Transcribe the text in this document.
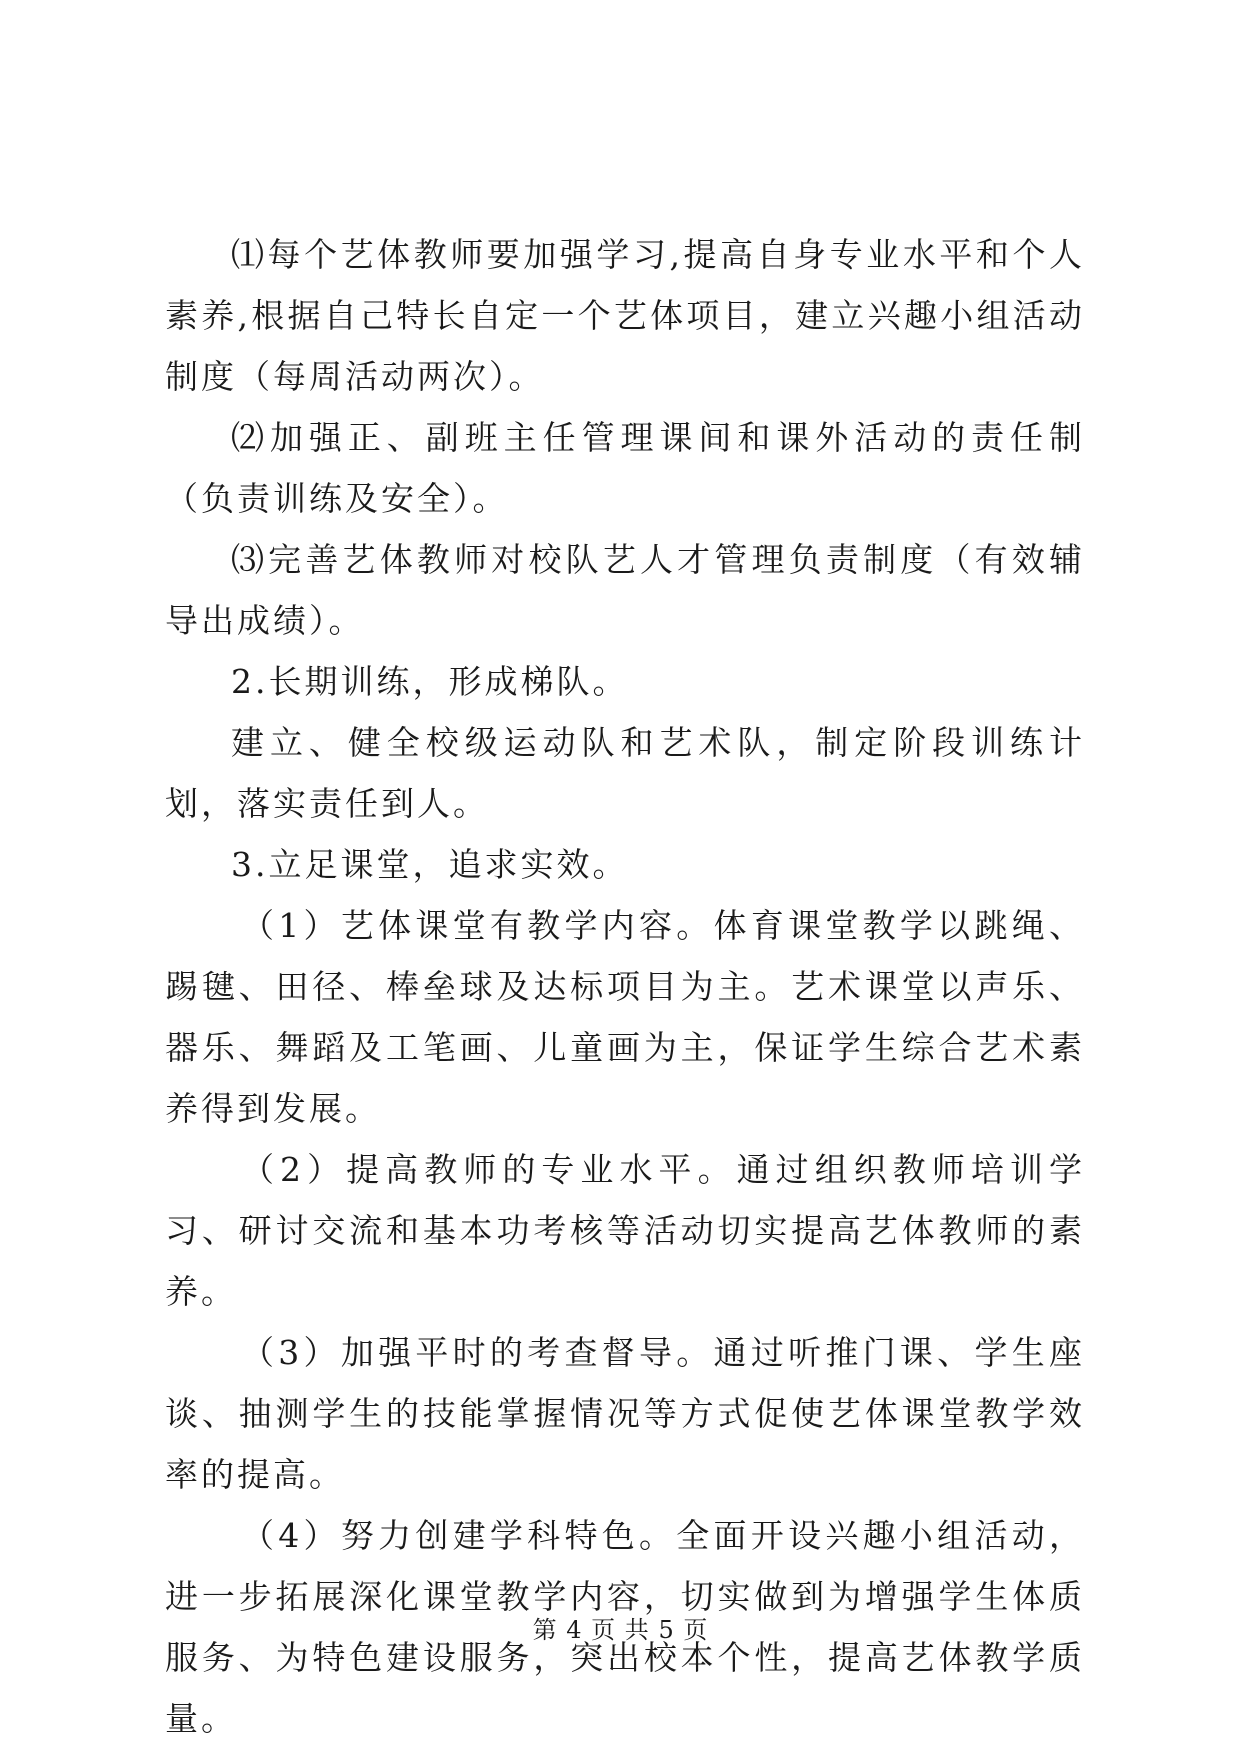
⑴每个艺体教师要加强学习,提高自身专业水平和个人素养,根据自己特长自定一个艺体项目，建立兴趣小组活动制度（每周活动两次）。

⑵加强正、副班主任管理课间和课外活动的责任制（负责训练及安全）。

⑶完善艺体教师对校队艺人才管理负责制度（有效辅导出成绩）。

2.长期训练，形成梯队。

建立、健全校级运动队和艺术队，制定阶段训练计划，落实责任到人。

3.立足课堂，追求实效。

（1）艺体课堂有教学内容。体育课堂教学以跳绳、踢毽、田径、棒垒球及达标项目为主。艺术课堂以声乐、器乐、舞蹈及工笔画、儿童画为主，保证学生综合艺术素养得到发展。

（2）提高教师的专业水平。通过组织教师培训学习、研讨交流和基本功考核等活动切实提高艺体教师的素养。

（3）加强平时的考查督导。通过听推门课、学生座谈、抽测学生的技能掌握情况等方式促使艺体课堂教学效率的提高。

（4）努力创建学科特色。全面开设兴趣小组活动，进一步拓展深化课堂教学内容，切实做到为增强学生体质服务、为特色建设服务，突出校本个性，提高艺体教学质量。

第 4 页 共 5 页
